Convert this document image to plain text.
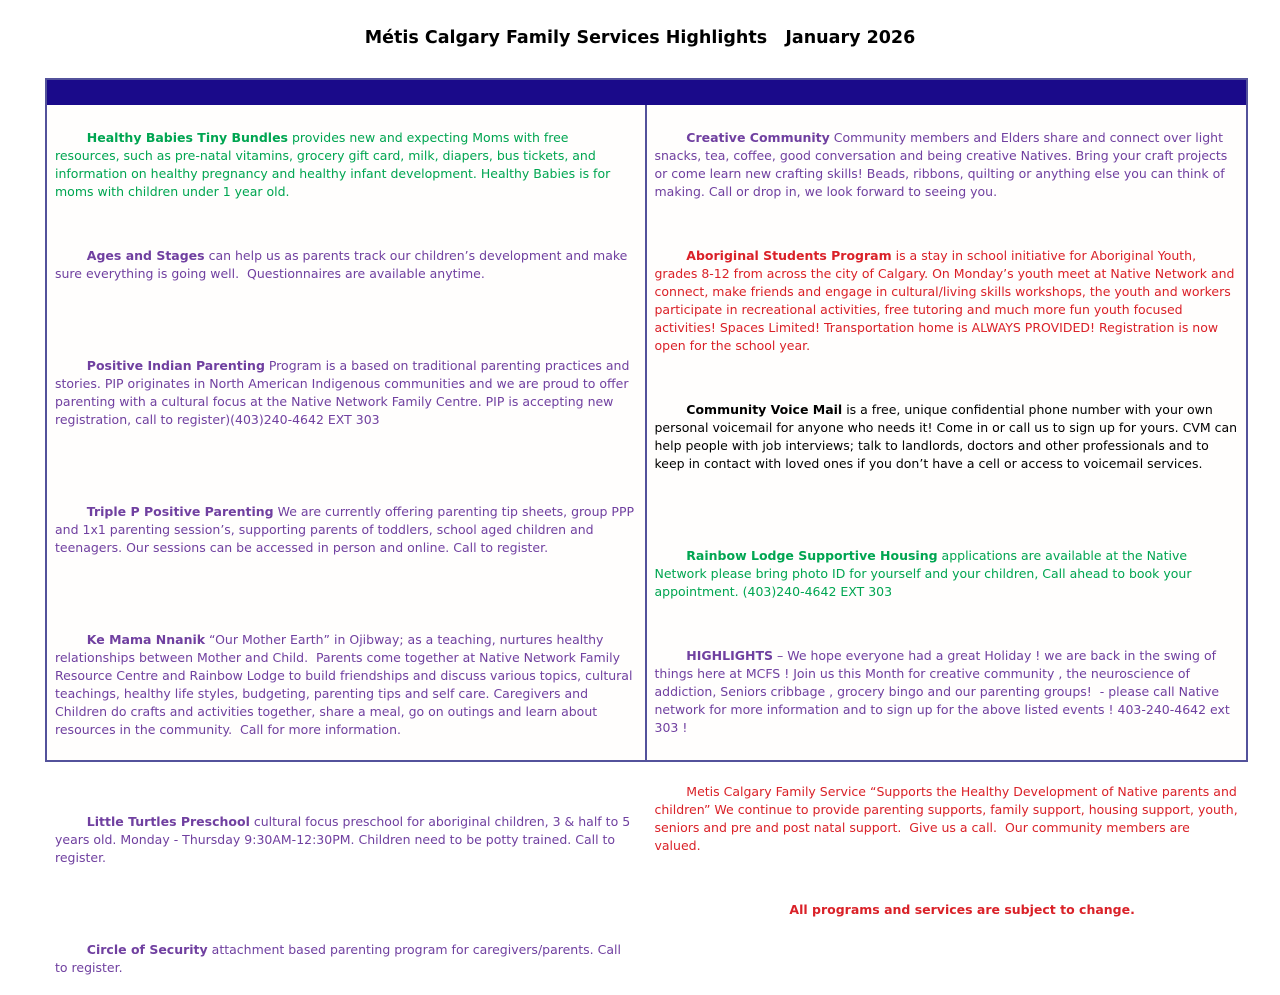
Métis Calgary Family Services Highlights   January 2026

Healthy Babies Tiny Bundles provides new and expecting Moms with free resources, such as pre-natal vitamins, grocery gift card, milk, diapers, bus tickets, and information on healthy pregnancy and healthy infant development. Healthy Babies is for moms with children under 1 year old.

Ages and Stages can help us as parents track our children’s development and make sure everything is going well.  Questionnaires are available anytime.

Positive Indian Parenting Program is a based on traditional parenting practices and stories. PIP originates in North American Indigenous communities and we are proud to offer parenting with a cultural focus at the Native Network Family Centre. PIP is accepting new registration, call to register)(403)240-4642 EXT 303

Triple P Positive Parenting We are currently offering parenting tip sheets, group PPP and 1x1 parenting session’s, supporting parents of toddlers, school aged children and teenagers. Our sessions can be accessed in person and online. Call to register.

Ke Mama Nnanik “Our Mother Earth” in Ojibway; as a teaching, nurtures healthy relationships between Mother and Child.  Parents come together at Native Network Family Resource Centre and Rainbow Lodge to build friendships and discuss various topics, cultural teachings, healthy life styles, budgeting, parenting tips and self care. Caregivers and Children do crafts and activities together, share a meal, go on outings and learn about resources in the community.  Call for more information.

Little Turtles Preschool cultural focus preschool for aboriginal children, 3 & half to 5 years old. Monday - Thursday 9:30AM-12:30PM. Children need to be potty trained. Call to register.

Circle of Security attachment based parenting program for caregivers/parents. Call to register.

Creative Community Community members and Elders share and connect over light snacks, tea, coffee, good conversation and being creative Natives. Bring your craft projects or come learn new crafting skills! Beads, ribbons, quilting or anything else you can think of making. Call or drop in, we look forward to seeing you.

Aboriginal Students Program is a stay in school initiative for Aboriginal Youth, grades 8-12 from across the city of Calgary. On Monday’s youth meet at Native Network and connect, make friends and engage in cultural/living skills workshops, the youth and workers participate in recreational activities, free tutoring and much more fun youth focused activities! Spaces Limited! Transportation home is ALWAYS PROVIDED! Registration is now open for the school year.

Community Voice Mail is a free, unique confidential phone number with your own personal voicemail for anyone who needs it! Come in or call us to sign up for yours. CVM can help people with job interviews; talk to landlords, doctors and other professionals and to keep in contact with loved ones if you don’t have a cell or access to voicemail services.

Rainbow Lodge Supportive Housing applications are available at the Native Network please bring photo ID for yourself and your children, Call ahead to book your appointment. (403)240-4642 EXT 303

HIGHLIGHTS – We hope everyone had a great Holiday ! we are back in the swing of things here at MCFS ! Join us this Month for creative community , the neuroscience of addiction, Seniors cribbage , grocery bingo and our parenting groups!  - please call Native network for more information and to sign up for the above listed events ! 403-240-4642 ext 303 !

Metis Calgary Family Service “Supports the Healthy Development of Native parents and children” We continue to provide parenting supports, family support, housing support, youth, seniors and pre and post natal support.  Give us a call.  Our community members are valued.

All programs and services are subject to change.
